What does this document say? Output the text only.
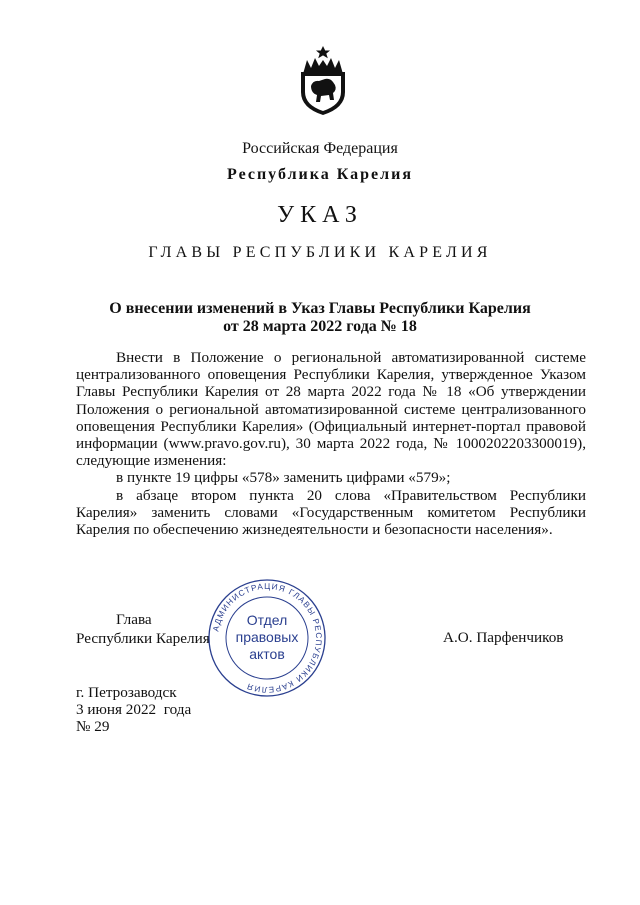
Российская Федерация
Республика Карелия
УКАЗ
ГЛАВЫ РЕСПУБЛИКИ КАРЕЛИЯ
О внесении изменений в Указ Главы Республики Карелия
от 28 марта 2022 года № 18

Внести в Положение о региональной автоматизированной системе централизованного оповещения Республики Карелия, утвержденное Указом Главы Республики Карелия от 28 марта 2022 года № 18 «Об утверждении Положения о региональной автоматизированной системе централизованного оповещения Республики Карелия» (Официальный интернет-портал правовой информации (www.pravo.gov.ru), 30 марта 2022 года, № 1000202203300019), следующие изменения:

в пункте 19 цифры «578» заменить цифрами «579»;

в абзаце втором пункта 20 слова «Правительством Республики Карелия» заменить словами «Государственным комитетом Республики Карелия по обеспечению жизнедеятельности и безопасности населения».

Глава
Республики Карелия
АДМИНИСТРАЦИЯ ГЛАВЫ РЕСПУБЛИКИ КАРЕЛИЯ
Отдел
правовых
актов
А.О. Парфенчиков
г. Петрозаводск
3 июня 2022  года
№ 29
